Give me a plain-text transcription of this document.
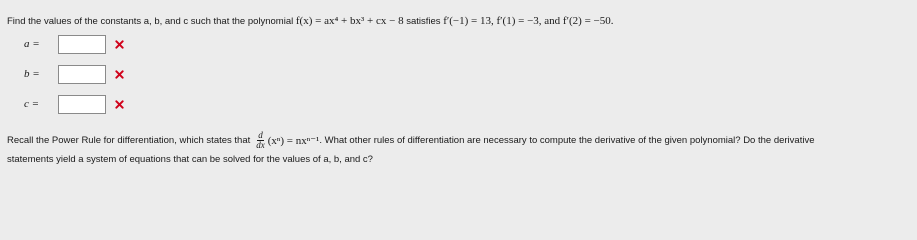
Find the values of the constants a, b, and c such that the polynomial f(x) = ax⁴ + bx³ + cx − 8 satisfies f′(−1) = 13, f′(1) = −3, and f′(2) = −50.
a =
b =
c =
Recall the Power Rule for differentiation, which states that $\frac{d}{dx} (x^n) = nx^{n-1}$ . What other rules of differentiation are necessary to compute the derivative of the given polynomial? Do the derivative
statements yield a system of equations that can be solved for the values of a, b, and c?
